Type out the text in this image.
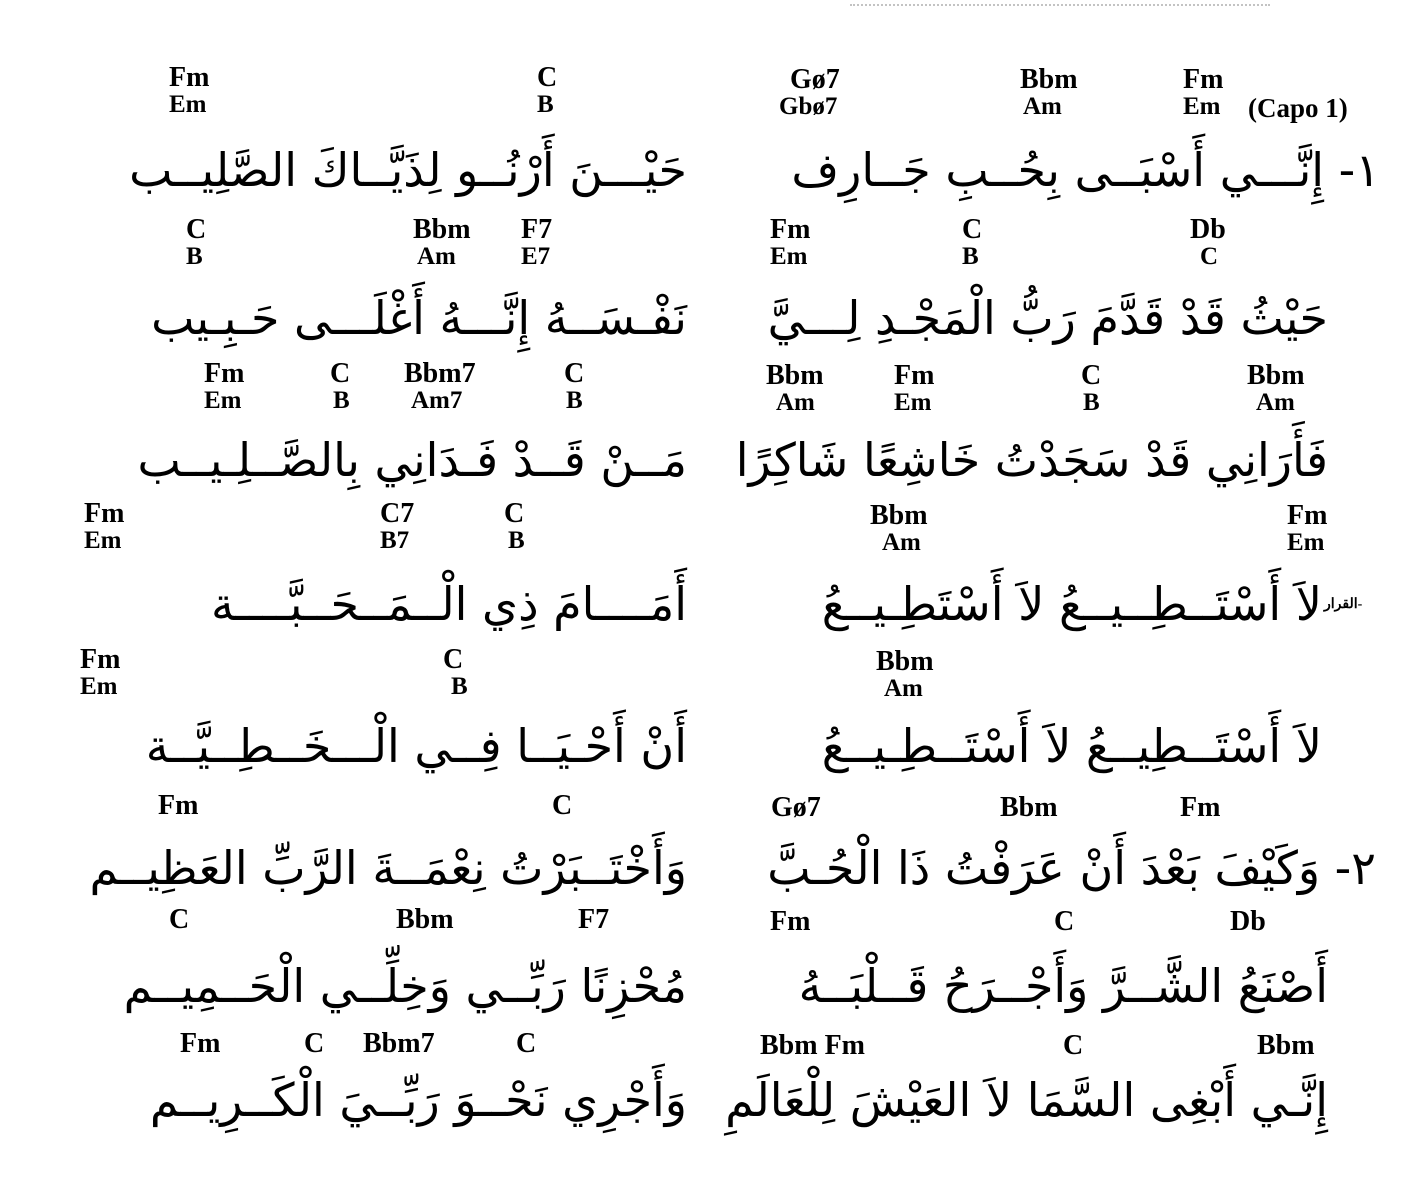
Gø7
Gbø7
Bbm
Am
Fm
Em (Capo 1)
Fm
Em
C
B
١- إِنَّـــي أَسْبَــى بِحُــبِ جَــارِف
حَيْـــنَ أَرْنُــو لِذَيَّــاكَ الصَّلِيــب
Fm
Em
C
B
Db
C
C
B
Bbm
Am
F7
E7
حَيْثُ قَدْ قَدَّمَ رَبُّ الْمَجْـدِ لِـــيَّ
نَفْـسَــهُ إِنَّـــهُ أَغْلَـــى حَـبِـيب
Bbm
Am
Fm
Em
C
B
Bbm
Am
Fm
Em
C
B
Bbm7
Am7
C
B
فَأَرَانِي قَدْ سَجَدْتُ خَاشِعًا شَاكِرًا
مَــنْ قَــدْ فَـدَانِي بِالصَّــلِـيــب
Bbm
Am
Fm
Em
Fm
Em
C7
B7
C
B
القرار-
لاَ أَسْتَــطِــيــعُ لاَ أَسْتَطِـيــعُ
أَمَــــامَ ذِي الْــمَــحَــبَّــــة
Bbm
Am
Fm
Em
C
B
لاَ أَسْتَــطِيــعُ لاَ أَسْتَــطِـيــعُ
أَنْ أَحْـيَــا فِــي الْـــخَــطِــيَّــة
Gø7	Bbm	Fm
Fm	C
٢- وَكَيْفَ بَعْدَ أَنْ عَرَفْتُ ذَا الْحُـبَّ
وَأَخْتَــبَرْتُ نِعْمَــةَ الرَّبِّ العَظِيــم
Fm	C	Db
C	Bbm	F7
أَصْنَعُ الشَّــرَّ وَأَجْــرَحُ قَــلْبَــهُ
مُحْزِنًا رَبِّــي وَخِلِّــي الْحَــمِيــم
Bbm Fm	C	Bbm
Fm	C Bbm7	C
إِنَّـي أَبْغِى السَّمَا لاَ العَيْشَ لِلْعَالَمِ
وَأَجْرِي نَحْــوَ رَبِّــيَ الْكَــرِيــم
